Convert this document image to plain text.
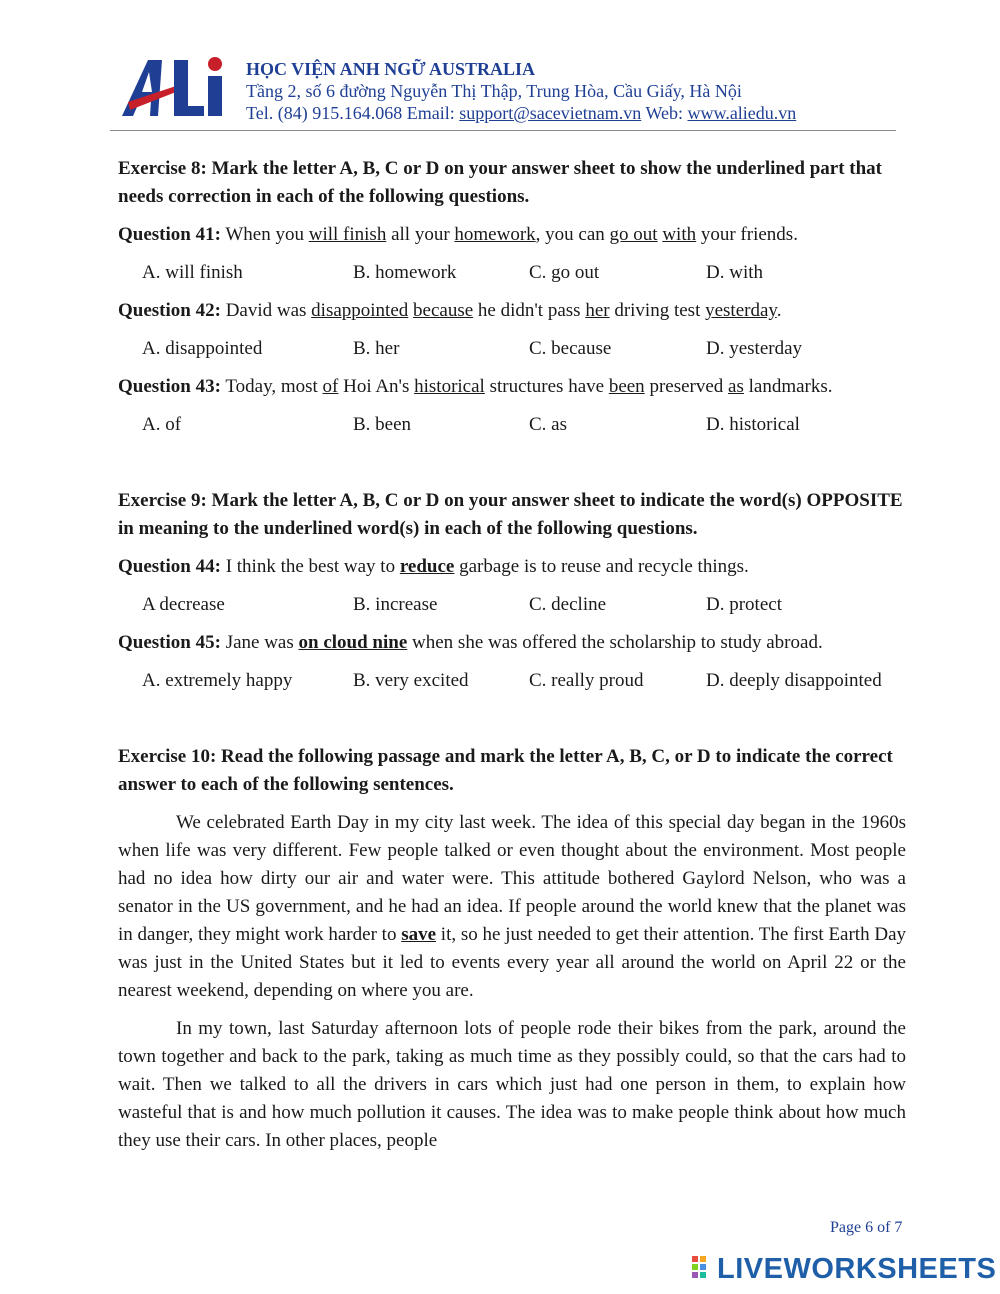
HỌC VIỆN ANH NGỮ AUSTRALIA
Tầng 2, số 6 đường Nguyễn Thị Thập, Trung Hòa, Cầu Giấy, Hà Nội
Tel. (84) 915.164.068 Email: support@sacevietnam.vn Web: www.aliedu.vn

Exercise 8: Mark the letter A, B, C or D on your answer sheet to show the underlined part that needs correction in each of the following questions.

Question 41: When you will finish all your homework, you can go out with your friends.

A. will finish	B. homework	C. go out	D. with

Question 42: David was disappointed because he didn't pass her driving test yesterday.

A. disappointed	B. her	C. because	D. yesterday

Question 43: Today, most of Hoi An's historical structures have been preserved as landmarks.

A. of	B. been	C. as	D. historical

Exercise 9: Mark the letter A, B, C or D on your answer sheet to indicate the word(s) OPPOSITE in meaning to the underlined word(s) in each of the following questions.

Question 44: I think the best way to reduce garbage is to reuse and recycle things.

A decrease	B. increase	C. decline	D. protect

Question 45: Jane was on cloud nine when she was offered the scholarship to study abroad.

A. extremely happy	B. very excited	C. really proud	D. deeply disappointed

Exercise 10: Read the following passage and mark the letter A, B, C, or D to indicate the correct answer to each of the following sentences.

We celebrated Earth Day in my city last week. The idea of this special day began in the 1960s when life was very different. Few people talked or even thought about the environment. Most people had no idea how dirty our air and water were. This attitude bothered Gaylord Nelson, who was a senator in the US government, and he had an idea. If people around the world knew that the planet was in danger, they might work harder to save it, so he just needed to get their attention. The first Earth Day was just in the United States but it led to events every year all around the world on April 22 or the nearest weekend, depending on where you are.

In my town, last Saturday afternoon lots of people rode their bikes from the park, around the town together and back to the park, taking as much time as they possibly could, so that the cars had to wait. Then we talked to all the drivers in cars which just had one person in them, to explain how wasteful that is and how much pollution it causes. The idea was to make people think about how much they use their cars. In other places, people

Page 6 of 7
LIVEWORKSHEETS
